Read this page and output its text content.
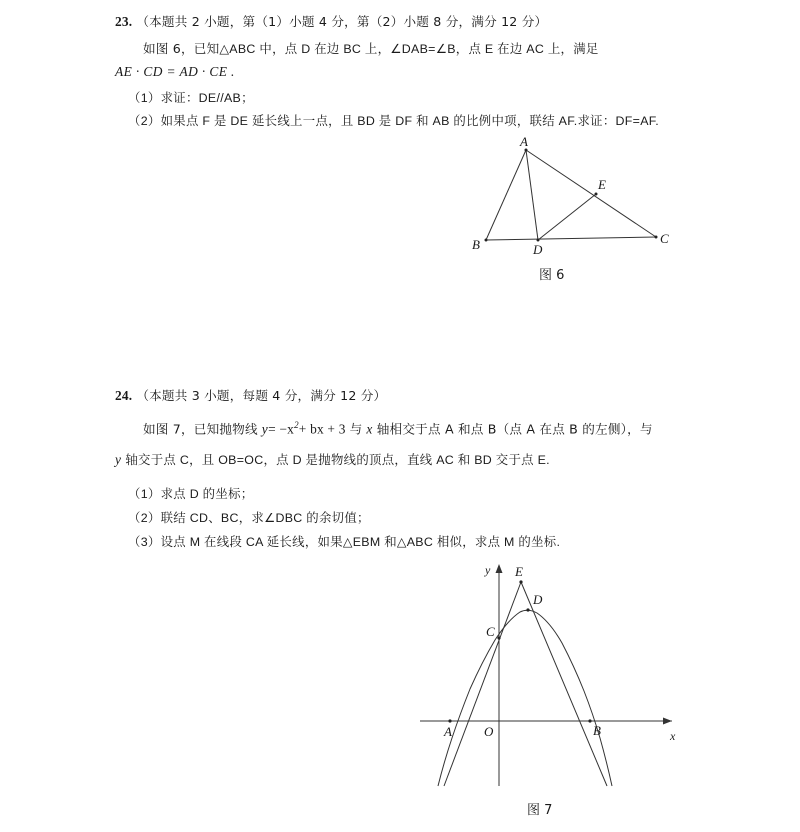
23. （本题共 2 小题，第（1）小题 4 分，第（2）小题 8 分，满分 12 分）
如图 6，已知△ABC 中，点 D 在边 BC 上，∠DAB=∠B，点 E 在边 AC 上，满足
AE · CD = AD · CE .
（1）求证：DE//AB；
（2）如果点 F 是 DE 延长线上一点，且 BD 是 DF 和 AB 的比例中项，联结 AF.求证：DF=AF.
A
B	C
D
E
图 6
24. （本题共 3 小题，每题 4 分，满分 12 分）
如图 7，已知抛物线 $y= -x^2+$ bx + 3 与 x 轴相交于点 A 和点 B（点 A 在点 B 的左侧），与
y 轴交于点 C，且 OB=OC，点 D 是抛物线的顶点，直线 AC 和 BD 交于点 E.
（1）求点 D 的坐标；
（2）联结 CD、BC，求∠DBC 的余切值；
（3）设点 M 在线段 CA 延长线，如果△EBM 和△ABC 相似，求点 M 的坐标.
E
D
C
A	B
O	x
y
图 7
